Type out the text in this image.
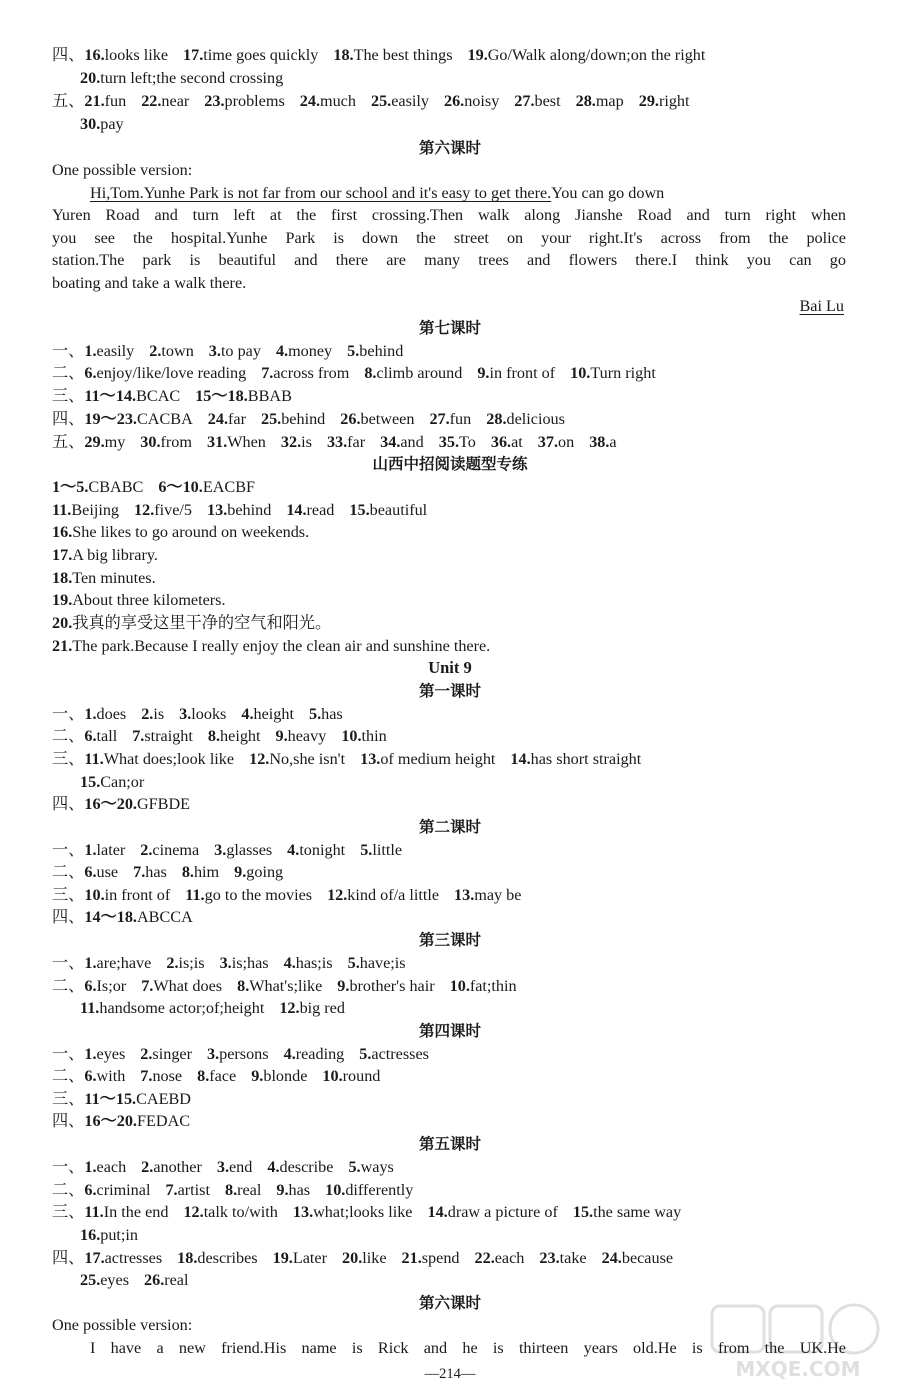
四、16.looks like 17.time goes quickly 18.The best things 19.Go/Walk along/down;on the right
20.turn left;the second crossing
五、21.fun 22.near 23.problems 24.much 25.easily 26.noisy 27.best 28.map 29.right
30.pay
一、1.easily 2.town 3.to pay 4.money 5.behind
二、6.enjoy/like/love reading 7.across from 8.climb around 9.in front of 10.Turn right
三、11～14.BCAC 15～18.BBAB
四、19～23.CACBA 24.far 25.behind 26.between 27.fun 28.delicious
五、29.my 30.from 31.When 32.is 33.far 34.and 35.To 36.at 37.on 38.a
1～5.CBABC 6～10.EACBF
11.Beijing 12.five/5 13.behind 14.read 15.beautiful
16.She likes to go around on weekends.
17.A big library.
18.Ten minutes.
19.About three kilometers.
20.我真的享受这里干净的空气和阳光。
21.The park.Because I really enjoy the clean air and sunshine there.
一、1.does 2.is 3.looks 4.height 5.has
二、6.tall 7.straight 8.height 9.heavy 10.thin
三、11.What does;look like 12.No,she isn't 13.of medium height 14.has short straight
15.Can;or
四、16～20.GFBDE
一、1.later 2.cinema 3.glasses 4.tonight 5.little
二、6.use 7.has 8.him 9.going
三、10.in front of 11.go to the movies 12.kind of/a little 13.may be
四、14～18.ABCCA
一、1.are;have 2.is;is 3.is;has 4.has;is 5.have;is
二、6.Is;or 7.What does 8.What's;like 9.brother's hair 10.fat;thin
11.handsome actor;of;height 12.big red
一、1.eyes 2.singer 3.persons 4.reading 5.actresses
二、6.with 7.nose 8.face 9.blonde 10.round
三、11～15.CAEBD
四、16～20.FEDAC
一、1.each 2.another 3.end 4.describe 5.ways
二、6.criminal 7.artist 8.real 9.has 10.differently
三、11.In the end 12.talk to/with 13.what;looks like 14.draw a picture of 15.the same way
16.put;in
四、17.actresses 18.describes 19.Later 20.like 21.spend 22.each 23.take 24.because
25.eyes 26.real
第六课时
第七课时
山西中招阅读题型专练
Unit 9
第一课时
第二课时
第三课时
第四课时
第五课时
第六课时
One possible version:
Hi,Tom.Yunhe Park is not far from our school and it's easy to get there.You can go down
Yuren Road and turn left at the first crossing.Then walk along Jianshe Road and turn right when
you see the hospital.Yunhe Park is down the street on your right.It's across from the police
station.The park is beautiful and there are many trees and flowers there.I think you can go
boating and take a walk there.
Bai Lu
One possible version:
I have a new friend.His name is Rick and he is thirteen years old.He is from the UK.He
—214—	MXQE.COM
